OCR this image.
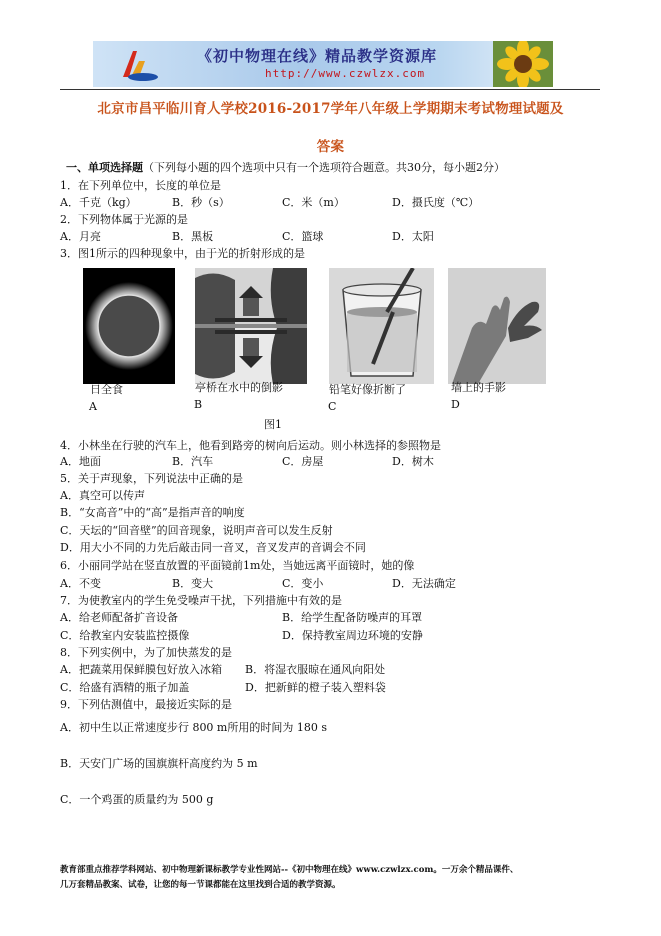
《初中物理在线》精品教学资源库
http://www.czwlzx.com
北京市昌平临川育人学校2016-2017学年八年级上学期期末考试物理试题及
答案
一、单项选择题（下列每小题的四个选项中只有一个选项符合题意。共30分，每小题2分）
1．在下列单位中，长度的单位是
A．千克（kg）	B．秒（s）	C．米（m）	D．摄氏度（℃）
2．下列物体属于光源的是
A．月亮	B．黑板	C．篮球	D．太阳
3．图1所示的四种现象中，由于光的折射形成的是
日全食	亭桥在水中的倒影	铅笔好像折断了	墙上的手影
A	B	C	D
图1
4．小林坐在行驶的汽车上，他看到路旁的树向后运动。则小林选择的参照物是
A．地面	B．汽车	C．房屋	D．树木
5．关于声现象，下列说法中正确的是
A．真空可以传声
B．“女高音”中的“高”是指声音的响度
C．天坛的“回音壁”的回音现象，说明声音可以发生反射
D．用大小不同的力先后敲击同一音叉，音叉发声的音调会不同
6．小丽同学站在竖直放置的平面镜前1m处，当她远离平面镜时，她的像
A．不变	B．变大	C．变小	D．无法确定
7．为使教室内的学生免受噪声干扰，下列措施中有效的是
A．给老师配备扩音设备	B．给学生配备防噪声的耳罩
C．给教室内安装监控摄像	D．保持教室周边环境的安静
8．下列实例中，为了加快蒸发的是
A．把蔬菜用保鲜膜包好放入冰箱 B．将湿衣服晾在通风向阳处
C．给盛有酒精的瓶子加盖	D．把新鲜的橙子装入塑料袋
9．下列估测值中，最接近实际的是
A．初中生以正常速度步行 800 m所用的时间为 180 s
B．天安门广场的国旗旗杆高度约为 5 m
C．一个鸡蛋的质量约为 500 g
教育部重点推荐学科网站、初中物理新课标教学专业性网站--《初中物理在线》www.czwlzx.com。一万余个精品课件、
几万套精品教案、试卷，让您的每一节课都能在这里找到合适的教学资源。
